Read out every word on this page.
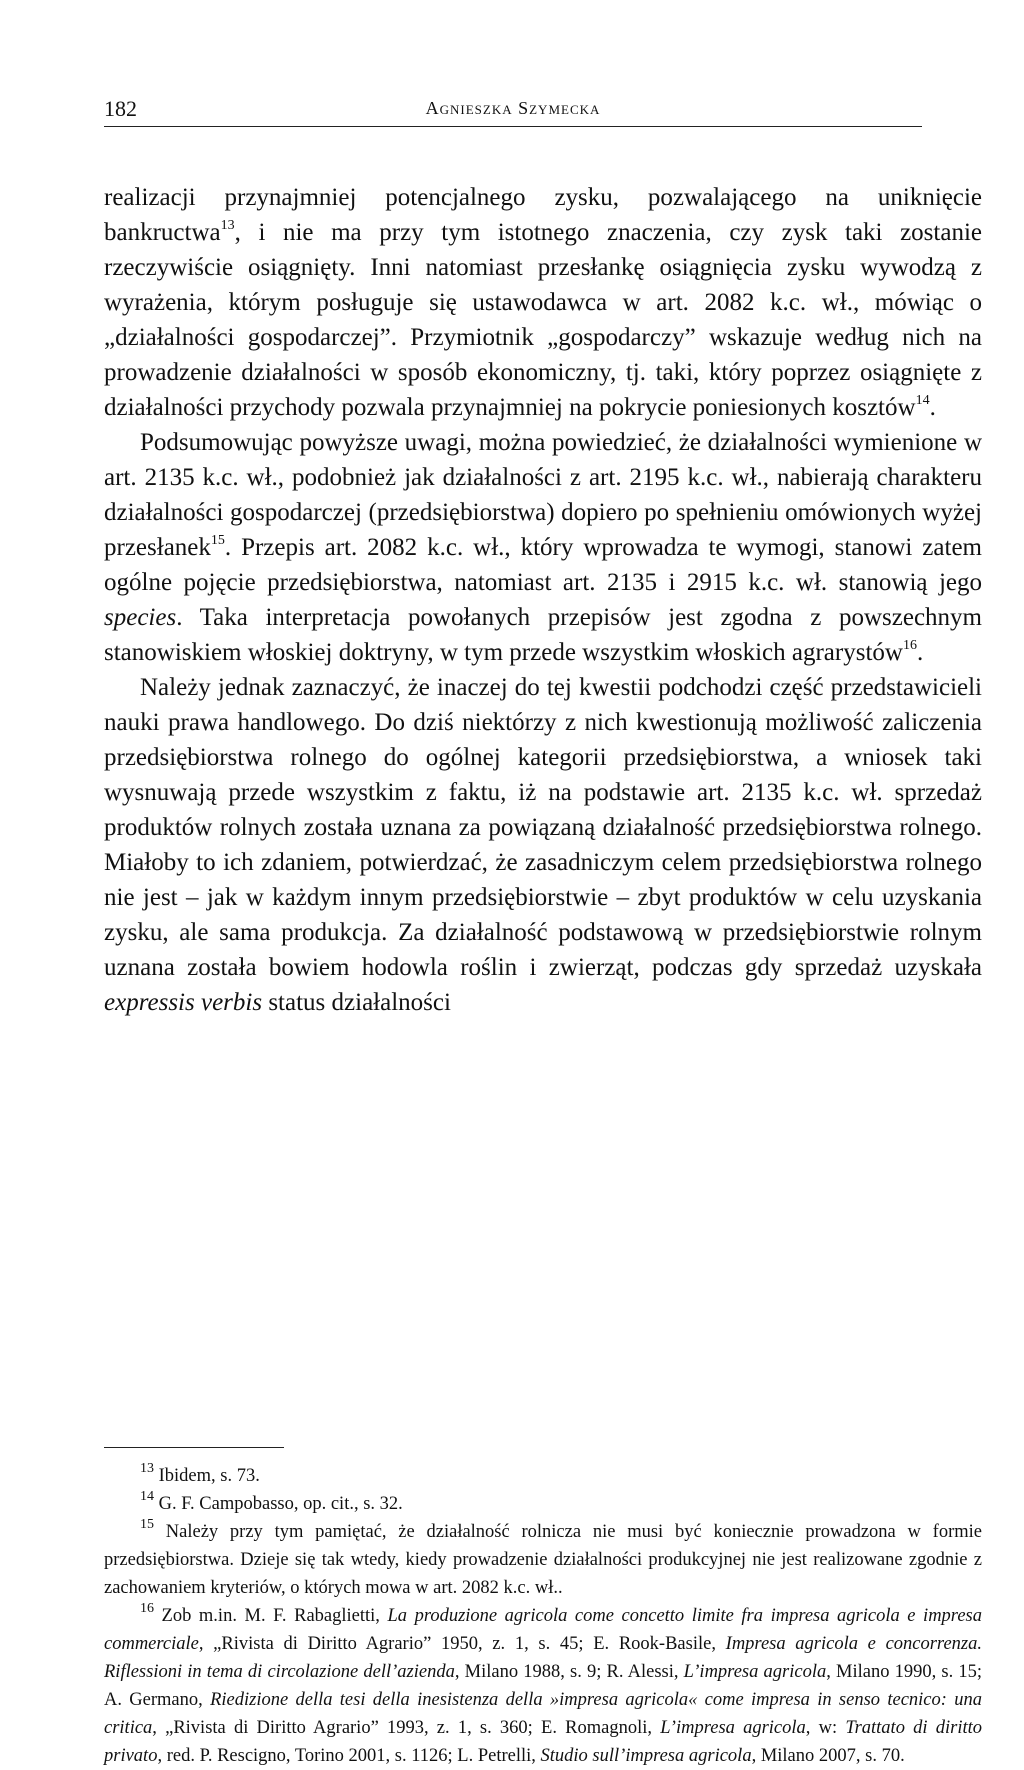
182	Agnieszka Szymecka

realizacji przynajmniej potencjalnego zysku, pozwalającego na uniknięcie bankructwa$^{13}$, i nie ma przy tym istotnego znaczenia, czy zysk taki zostanie rzeczywiście osiągnięty. Inni natomiast przesłankę osiągnięcia zysku wywodzą z wyrażenia, którym posługuje się ustawodawca w art. 2082 k.c. wł., mówiąc o „działalności gospodarczej”. Przymiotnik „gospodarczy” wskazuje według nich na prowadzenie działalności w sposób ekonomiczny, tj. taki, który poprzez osiągnięte z działalności przychody pozwala przynajmniej na pokrycie poniesionych kosztów$^{14}$.

Podsumowując powyższe uwagi, można powiedzieć, że działalności wymienione w art. 2135 k.c. wł., podobnież jak działalności z art. 2195 k.c. wł., nabierają charakteru działalności gospodarczej (przedsiębiorstwa) dopiero po spełnieniu omówionych wyżej przesłanek$^{15}$. Przepis art. 2082 k.c. wł., który wprowadza te wymogi, stanowi zatem ogólne pojęcie przedsiębiorstwa, natomiast art. 2135 i 2915 k.c. wł. stanowią jego species. Taka interpretacja powołanych przepisów jest zgodna z powszechnym stanowiskiem włoskiej doktryny, w tym przede wszystkim włoskich agrarystów$^{16}$.

Należy jednak zaznaczyć, że inaczej do tej kwestii podchodzi część przedstawicieli nauki prawa handlowego. Do dziś niektórzy z nich kwestionują możliwość zaliczenia przedsiębiorstwa rolnego do ogólnej kategorii przedsiębiorstwa, a wniosek taki wysnuwają przede wszystkim z faktu, iż na podstawie art. 2135 k.c. wł. sprzedaż produktów rolnych została uznana za powiązaną działalność przedsiębiorstwa rolnego. Miałoby to ich zdaniem, potwierdzać, że zasadniczym celem przedsiębiorstwa rolnego nie jest – jak w każdym innym przedsiębiorstwie – zbyt produktów w celu uzyskania zysku, ale sama produkcja. Za działalność podstawową w przedsiębiorstwie rolnym uznana została bowiem hodowla roślin i zwierząt, podczas gdy sprzedaż uzyskała expressis verbis status działalności

$^{13}$ Ibidem, s. 73.

$^{14}$ G. F. Campobasso, op. cit., s. 32.

$^{15}$ Należy przy tym pamiętać, że działalność rolnicza nie musi być koniecznie prowadzona w formie przedsiębiorstwa. Dzieje się tak wtedy, kiedy prowadzenie działalności produkcyjnej nie jest realizowane zgodnie z zachowaniem kryteriów, o których mowa w art. 2082 k.c. wł..

$^{16}$ Zob m.in. M. F. Rabaglietti, La produzione agricola come concetto limite fra impresa agricola e impresa commerciale, „Rivista di Diritto Agrario” 1950, z. 1, s. 45; E. Rook-Basile, Impresa agricola e concorrenza. Riflessioni in tema di circolazione dell’azienda, Milano 1988, s. 9; R. Alessi, L’impresa agricola, Milano 1990, s. 15; A. Germano, Riedizione della tesi della inesistenza della »impresa agricola« come impresa in senso tecnico: una critica, „Rivista di Diritto Agrario” 1993, z. 1, s. 360; E. Romagnoli, L’impresa agricola, w: Trattato di diritto privato, red. P. Rescigno, Torino 2001, s. 1126; L. Petrelli, Studio sull’impresa agricola, Milano 2007, s. 70.
